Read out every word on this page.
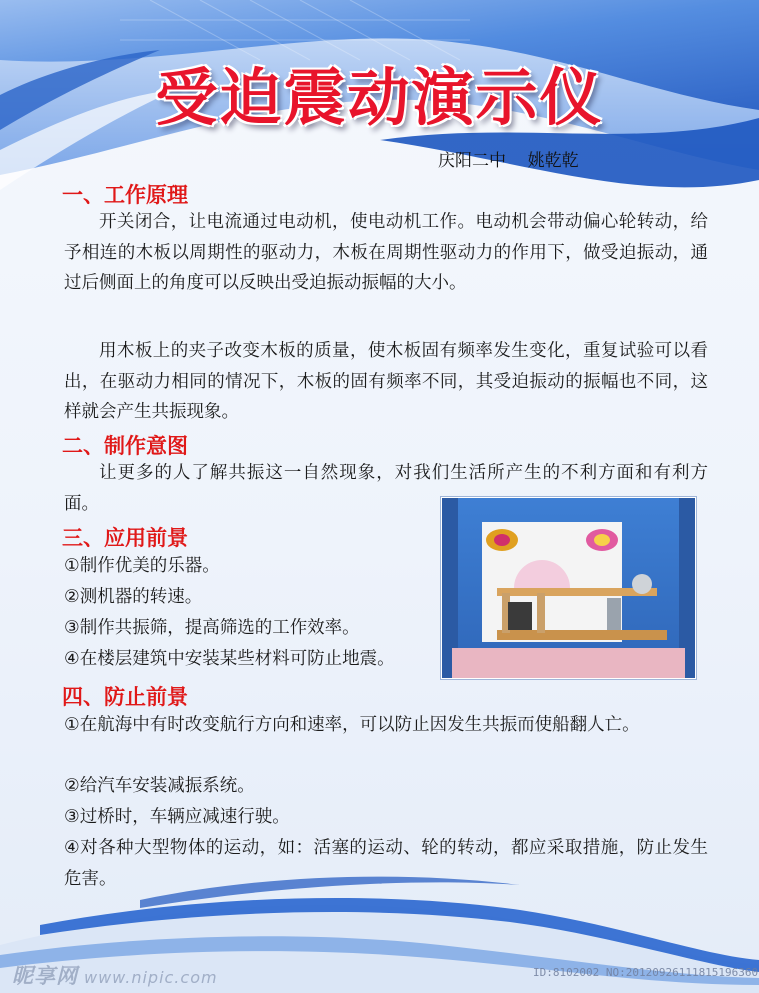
受迫震动演示仪
庆阳二中    姚乾乾
一、工作原理

开关闭合，让电流通过电动机，使电动机工作。电动机会带动偏心轮转动，给予相连的木板以周期性的驱动力，木板在周期性驱动力的作用下，做受迫振动，通过后侧面上的角度可以反映出受迫振动振幅的大小。

用木板上的夹子改变木板的质量，使木板固有频率发生变化，重复试验可以看出，在驱动力相同的情况下，木板的固有频率不同，其受迫振动的振幅也不同，这样就会产生共振现象。

二、制作意图

让更多的人了解共振这一自然现象，对我们生活所产生的不利方面和有利方面。

三、应用前景

①制作优美的乐器。

②测机器的转速。

③制作共振筛，提高筛选的工作效率。

④在楼层建筑中安装某些材料可防止地震。

四、防止前景

①在航海中有时改变航行方向和速率，可以防止因发生共振而使船翻人亡。

②给汽车安装减振系统。

③过桥时，车辆应减速行驶。

④对各种大型物体的运动，如：活塞的运动、轮的转动，都应采取措施，防止发生危害。

昵享网 www.nipic.com	ID:8102002 NO:20120926111815196360
